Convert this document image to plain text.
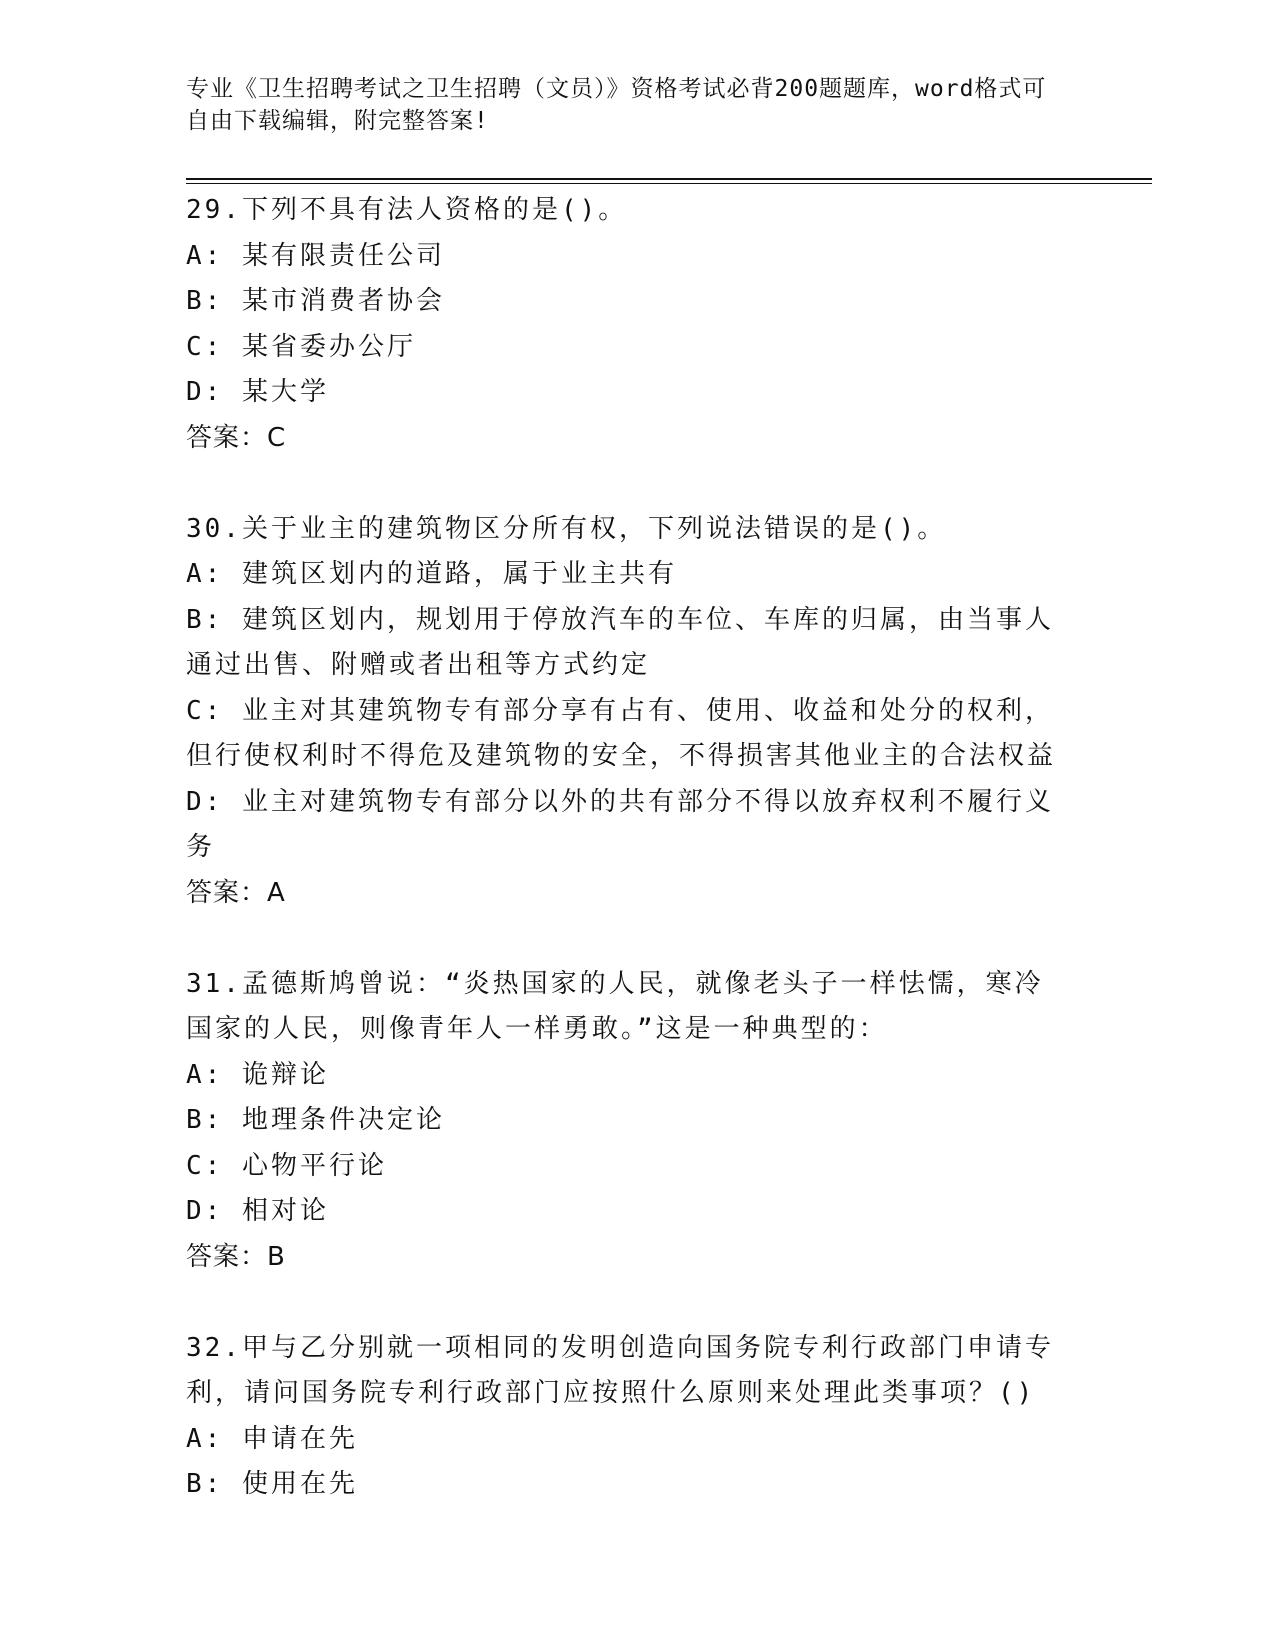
专业《卫生招聘考试之卫生招聘（文员）》资格考试必背200题题库，word格式可自由下载编辑，附完整答案!
29.下列不具有法人资格的是()。
A: 某有限责任公司
B: 某市消费者协会
C: 某省委办公厅
D: 某大学
答案：C
30.关于业主的建筑物区分所有权，下列说法错误的是()。
A: 建筑区划内的道路，属于业主共有
B: 建筑区划内，规划用于停放汽车的车位、车库的归属，由当事人通过出售、附赠或者出租等方式约定
C: 业主对其建筑物专有部分享有占有、使用、收益和处分的权利，但行使权利时不得危及建筑物的安全，不得损害其他业主的合法权益
D: 业主对建筑物专有部分以外的共有部分不得以放弃权利不履行义务
答案：A
31.孟德斯鸠曾说：“炎热国家的人民，就像老头子一样怯懦，寒冷国家的人民，则像青年人一样勇敢。”这是一种典型的：
A: 诡辩论
B: 地理条件决定论
C: 心物平行论
D: 相对论
答案：B
32.甲与乙分别就一项相同的发明创造向国务院专利行政部门申请专利，请问国务院专利行政部门应按照什么原则来处理此类事项？()
A: 申请在先
B: 使用在先
